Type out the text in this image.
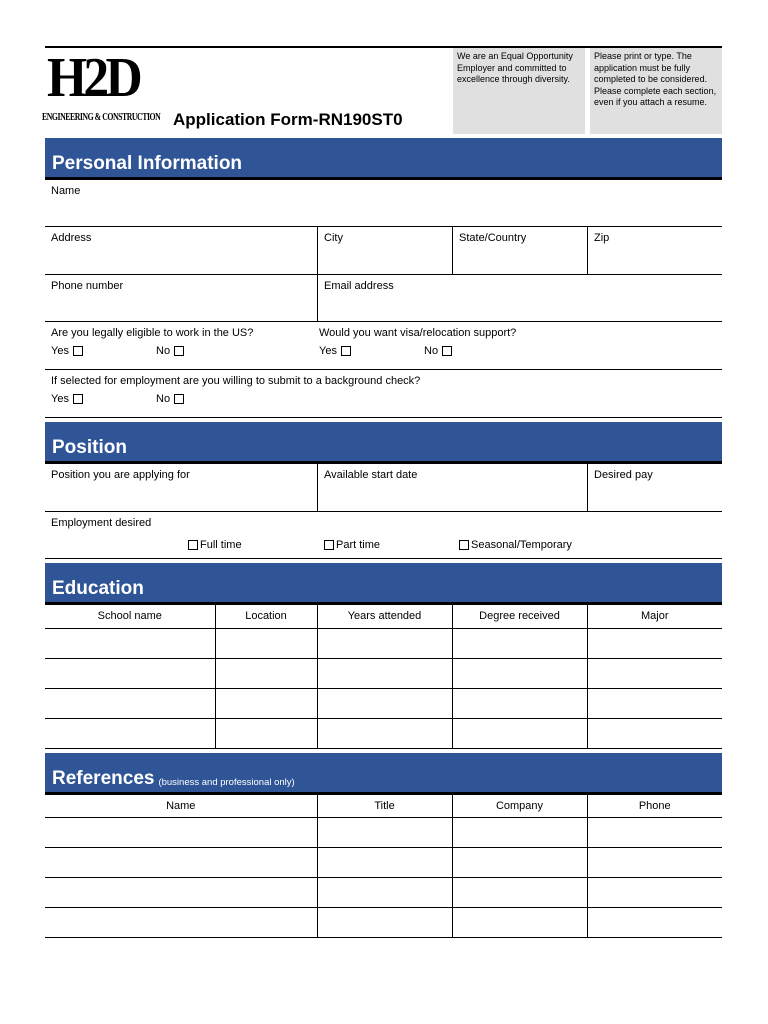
H2D
ENGINEERING & CONSTRUCTION Application Form-RN190ST0
We are an Equal Opportunity Employer and committed to excellence through diversity.
Please print or type. The application must be fully completed to be considered. Please complete each section, even if you attach a resume.
Personal Information
Name
Address	City	State/Country	Zip
Phone number	Email address
Are you legally eligible to work in the US?
Yes	No
Would you want visa/relocation support?
Yes	No
If selected for employment are you willing to submit to a background check?
Yes	No
Position
Position you are applying for	Available start date	Desired pay
Employment desired
Full time	Part time	Seasonal/Temporary
Education
School name	Location	Years attended	Degree received	Major

References (business and professional only)
Name	Title	Company	Phone
